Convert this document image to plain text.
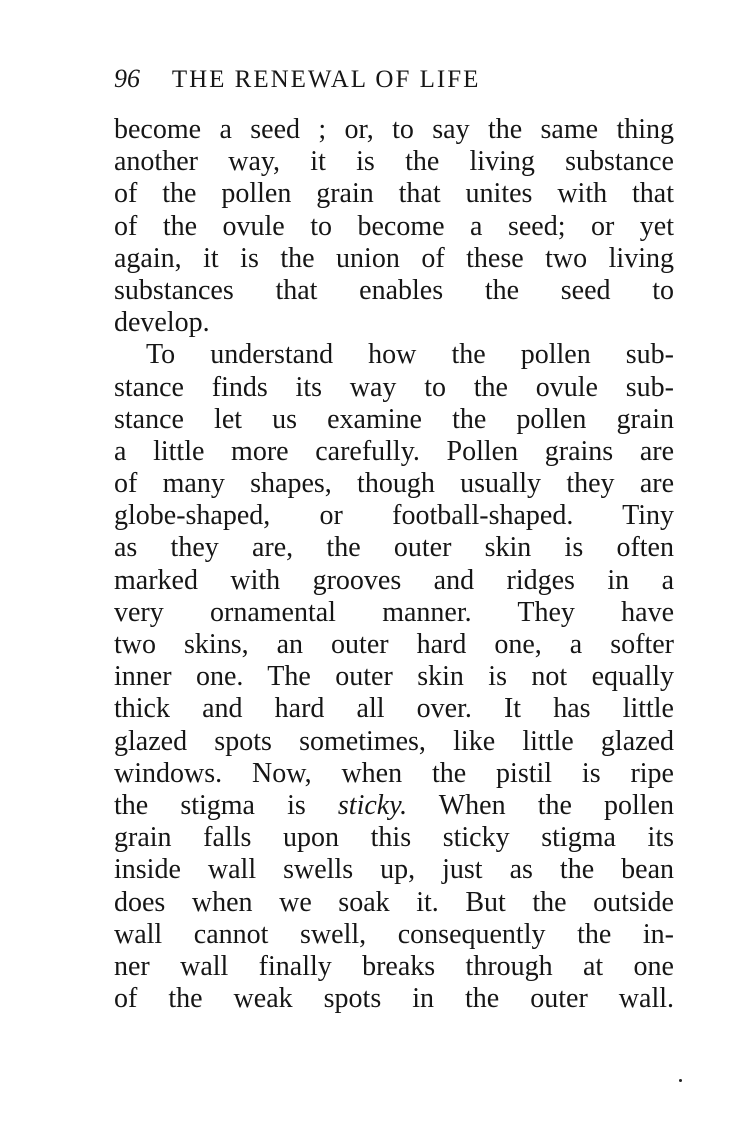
96 THE RENEWAL OF LIFE
become a seed ; or, to say the same thing
another way, it is the living substance
of the pollen grain that unites with that
of the ovule to become a seed; or yet
again, it is the union of these two living
substances that enables the seed to
develop.
To understand how the pollen sub-
stance finds its way to the ovule sub-
stance let us examine the pollen grain
a little more carefully. Pollen grains are
of many shapes, though usually they are
globe-shaped, or football-shaped. Tiny
as they are, the outer skin is often
marked with grooves and ridges in a
very ornamental manner. They have
two skins, an outer hard one, a softer
inner one. The outer skin is not equally
thick and hard all over. It has little
glazed spots sometimes, like little glazed
windows. Now, when the pistil is ripe
the stigma is sticky. When the pollen
grain falls upon this sticky stigma its
inside wall swells up, just as the bean
does when we soak it. But the outside
wall cannot swell, consequently the in-
ner wall finally breaks through at one
of the weak spots in the outer wall.
